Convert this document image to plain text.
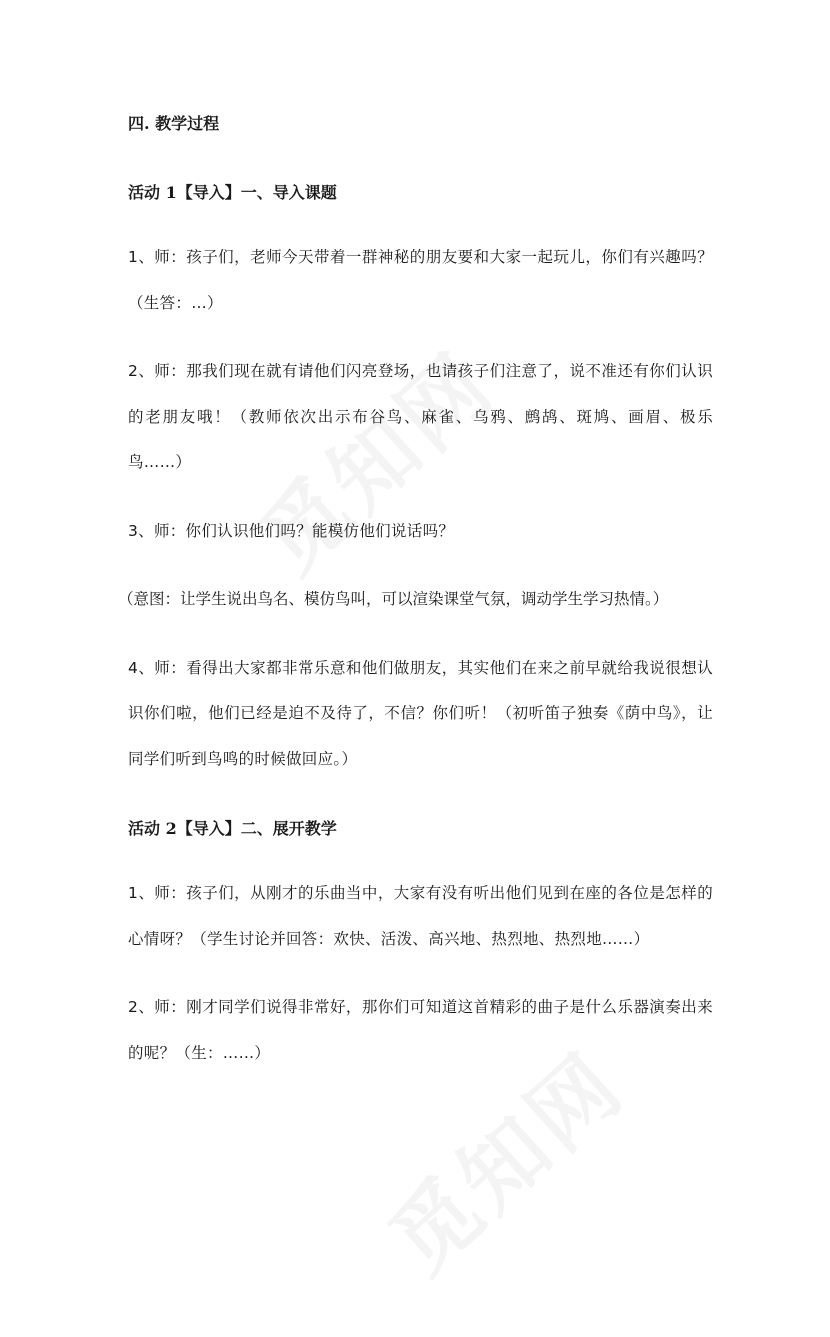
四. 教学过程

活动 1【导入】一、导入课题

1、师：孩子们，老师今天带着一群神秘的朋友要和大家一起玩儿，你们有兴趣吗？（生答：…）

2、师：那我们现在就有请他们闪亮登场，也请孩子们注意了，说不准还有你们认识的老朋友哦！（教师依次出示布谷鸟、麻雀、乌鸦、鹧鸪、斑鸠、画眉、极乐鸟……）

3、师：你们认识他们吗？能模仿他们说话吗？

（意图：让学生说出鸟名、模仿鸟叫，可以渲染课堂气氛，调动学生学习热情。）

4、师：看得出大家都非常乐意和他们做朋友，其实他们在来之前早就给我说很想认识你们啦，他们已经是迫不及待了，不信？你们听！（初听笛子独奏《荫中鸟》，让同学们听到鸟鸣的时候做回应。）

活动 2【导入】二、展开教学

1、师：孩子们，从刚才的乐曲当中，大家有没有听出他们见到在座的各位是怎样的心情呀？（学生讨论并回答：欢快、活泼、高兴地、热烈地、热烈地……）

2、师：刚才同学们说得非常好，那你们可知道这首精彩的曲子是什么乐器演奏出来的呢？（生：……）
